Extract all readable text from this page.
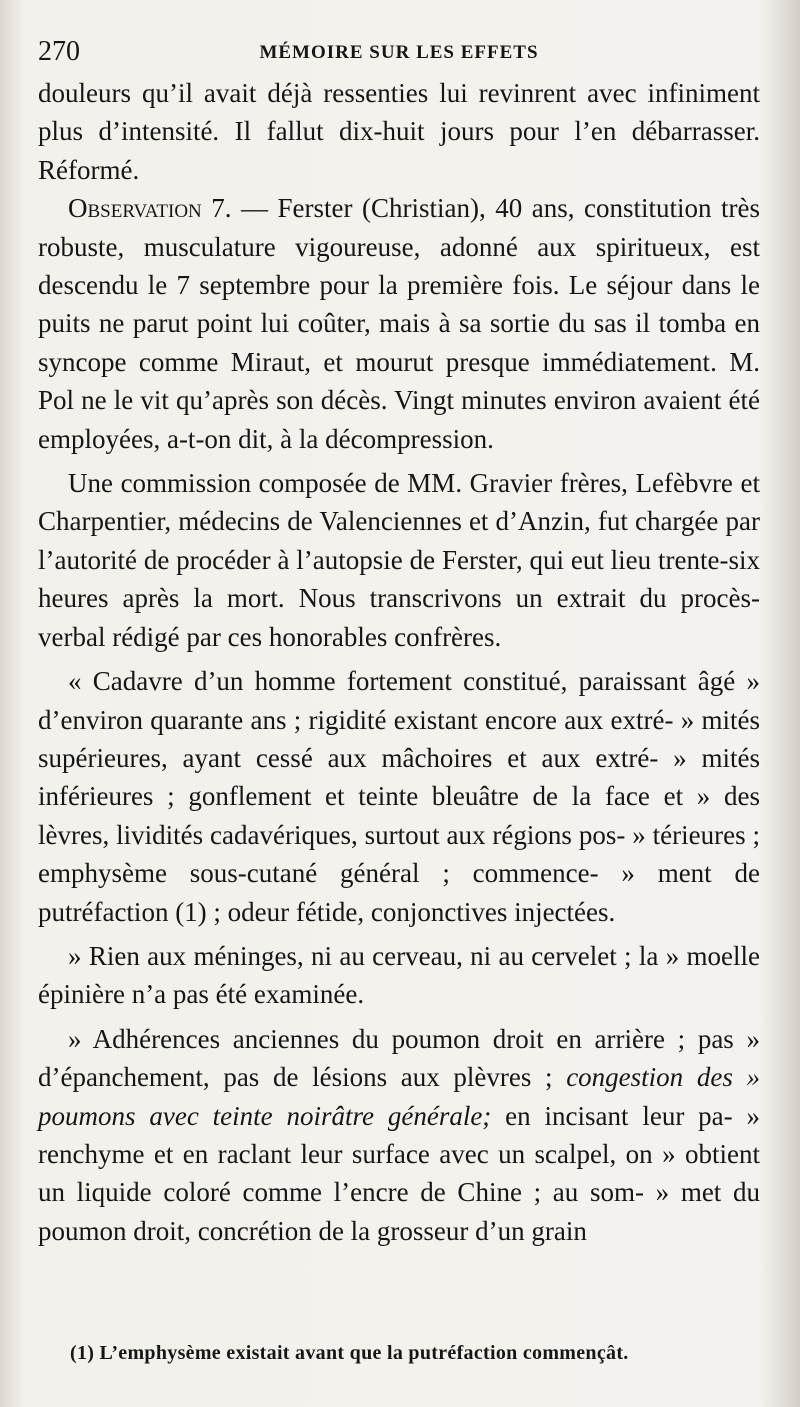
270	MÉMOIRE SUR LES EFFETS

douleurs qu’il avait déjà ressenties lui revinrent avec infiniment plus d’intensité. Il fallut dix-huit jours pour l’en débarrasser. Réformé.

Observation 7. — Ferster (Christian), 40 ans, constitution très robuste, musculature vigoureuse, adonné aux spiritueux, est descendu le 7 septembre pour la première fois. Le séjour dans le puits ne parut point lui coûter, mais à sa sortie du sas il tomba en syncope comme Miraut, et mourut presque immédiatement. M. Pol ne le vit qu’après son décès. Vingt minutes environ avaient été employées, a-t-on dit, à la décompression.

Une commission composée de MM. Gravier frères, Lefèbvre et Charpentier, médecins de Valenciennes et d’Anzin, fut chargée par l’autorité de procéder à l’autopsie de Ferster, qui eut lieu trente-six heures après la mort. Nous transcrivons un extrait du procès-verbal rédigé par ces honorables confrères.

« Cadavre d’un homme fortement constitué, paraissant âgé » d’environ quarante ans ; rigidité existant encore aux extré- » mités supérieures, ayant cessé aux mâchoires et aux extré- » mités inférieures ; gonflement et teinte bleuâtre de la face et » des lèvres, lividités cadavériques, surtout aux régions pos- » térieures ; emphysème sous-cutané général ; commence- » ment de putréfaction (1) ; odeur fétide, conjonctives injectées.

» Rien aux méninges, ni au cerveau, ni au cervelet ; la » moelle épinière n’a pas été examinée.

» Adhérences anciennes du poumon droit en arrière ; pas » d’épanchement, pas de lésions aux plèvres ; congestion des » poumons avec teinte noirâtre générale; en incisant leur pa- » renchyme et en raclant leur surface avec un scalpel, on » obtient un liquide coloré comme l’encre de Chine ; au som- » met du poumon droit, concrétion de la grosseur d’un grain

(1) L’emphysème existait avant que la putréfaction commençât.
